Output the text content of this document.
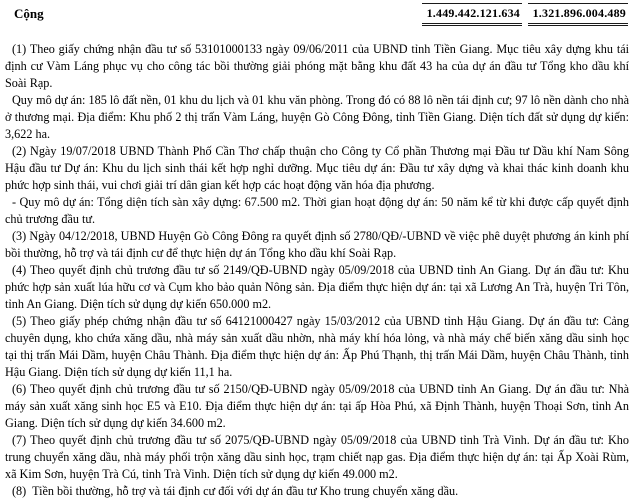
Cộng	1.449.442.121.634	1.321.896.004.489

(1) Theo giấy chứng nhận đầu tư số 53101000133 ngày 09/06/2011 của UBND tỉnh Tiền Giang. Mục tiêu xây dựng khu tái định cư Vàm Láng phục vụ cho công tác bồi thường giải phóng mặt bằng khu đất 43 ha của dự án đầu tư Tổng kho dầu khí Soài Rạp.

Quy mô dự án: 185 lô đất nền, 01 khu du lịch và 01 khu văn phòng. Trong đó có 88 lô nền tái định cư; 97 lô nền dành cho nhà ở thương mại. Địa điểm: Khu phố 2 thị trấn Vàm Láng, huyện Gò Công Đông, tỉnh Tiền Giang. Diện tích đất sử dụng dự kiến: 3,622 ha.

(2) Ngày 19/07/2018 UBND Thành Phố Cần Thơ chấp thuận cho Công ty Cổ phần Thương mại Đầu tư Dầu khí Nam Sông Hậu đầu tư Dự án: Khu du lịch sinh thái kết hợp nghỉ dưỡng. Mục tiêu dự án: Đầu tư xây dựng và khai thác kinh doanh khu phức hợp sinh thái, vui chơi giải trí dân gian kết hợp các hoạt động văn hóa địa phương.

- Quy mô dự án: Tổng diện tích sàn xây dựng: 67.500 m2. Thời gian hoạt động dự án: 50 năm kể từ khi được cấp quyết định chủ trương đầu tư.

(3) Ngày 04/12/2018, UBND Huyện Gò Công Đông ra quyết định số 2780/QĐ/-UBND về việc phê duyệt phương án kinh phí bồi thường, hỗ trợ và tái định cư để thực hiện dự án Tổng kho dầu khí Soài Rạp.

(4) Theo quyết định chủ trương đầu tư số 2149/QĐ-UBND ngày 05/09/2018 của UBND tỉnh An Giang. Dự án đầu tư: Khu phức hợp sản xuất lúa hữu cơ và Cụm kho bảo quản Nông sản. Địa điểm thực hiện dự án: tại xã Lương An Trà, huyện Tri Tôn, tỉnh An Giang. Diện tích sử dụng dự kiến 650.000 m2.

(5) Theo giấy phép chứng nhận đầu tư số 64121000427 ngày 15/03/2012 của UBND tỉnh Hậu Giang. Dự án đầu tư: Cảng chuyên dụng, kho chứa xăng dầu, nhà máy sản xuất dầu nhờn, nhà máy khí hóa lỏng, và nhà máy chế biến xăng dầu sinh học tại thị trấn Mái Dầm, huyện Châu Thành. Địa điểm thực hiện dự án: Ấp Phú Thạnh, thị trấn Mái Dầm, huyện Châu Thành, tỉnh Hậu Giang. Diện tích sử dụng dự kiến 11,1 ha.

(6) Theo quyết định chủ trương đầu tư số 2150/QĐ-UBND ngày 05/09/2018 của UBND tỉnh An Giang. Dự án đầu tư: Nhà máy sản xuất xăng sinh học E5 và E10. Địa điểm thực hiện dự án: tại ấp Hòa Phú, xã Định Thành, huyện Thoại Sơn, tỉnh An Giang. Diện tích sử dụng dự kiến 34.600 m2.

(7) Theo quyết định chủ trương đầu tư số 2075/QĐ-UBND ngày 05/09/2018 của UBND tỉnh Trà Vinh. Dự án đầu tư: Kho trung chuyển xăng dầu, nhà máy phối trộn xăng dầu sinh học, trạm chiết nạp gas. Địa điểm thực hiện dự án: tại Ấp Xoài Rùm, xã Kim Sơn, huyện Trà Cú, tỉnh Trà Vinh. Diện tích sử dụng dự kiến 49.000 m2.

(8)  Tiền bồi thường, hỗ trợ và tái định cư đối với dự án đầu tư Kho trung chuyển xăng dầu.
